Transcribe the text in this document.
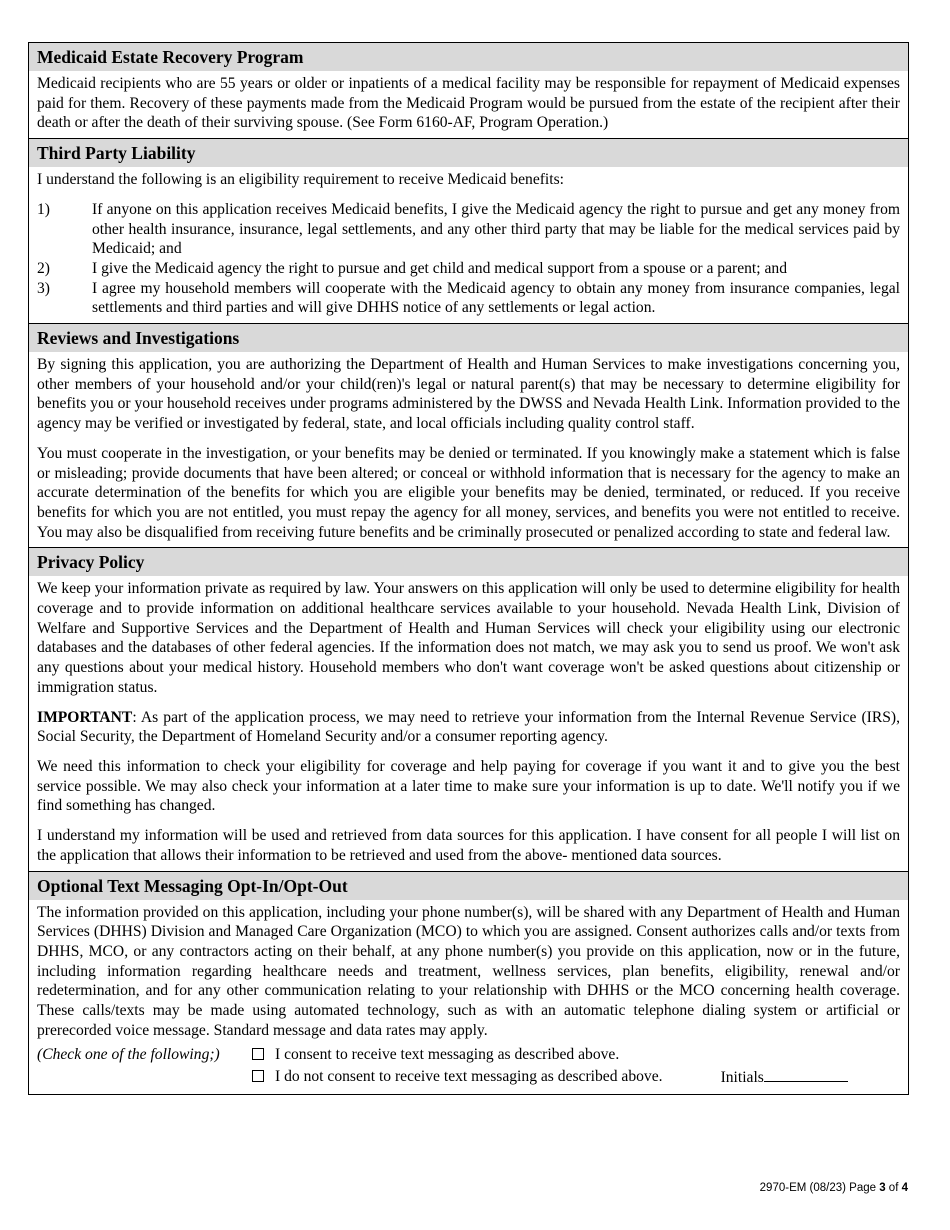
Medicaid Estate Recovery Program

Medicaid recipients who are 55 years or older or inpatients of a medical facility may be responsible for repayment of Medicaid expenses paid for them. Recovery of these payments made from the Medicaid Program would be pursued from the estate of the recipient after their death or after the death of their surviving spouse. (See Form 6160-AF, Program Operation.)

Third Party Liability

I understand the following is an eligibility requirement to receive Medicaid benefits:

1)	If anyone on this application receives Medicaid benefits, I give the Medicaid agency the right to pursue and get any money from other health insurance, insurance, legal settlements, and any other third party that may be liable for the medical services paid by Medicaid; and
2)	I give the Medicaid agency the right to pursue and get child and medical support from a spouse or a parent; and
3)	I agree my household members will cooperate with the Medicaid agency to obtain any money from insurance companies, legal settlements and third parties and will give DHHS notice of any settlements or legal action.
Reviews and Investigations

By signing this application, you are authorizing the Department of Health and Human Services to make investigations concerning you, other members of your household and/or your child(ren)'s legal or natural parent(s) that may be necessary to determine eligibility for benefits you or your household receives under programs administered by the DWSS and Nevada Health Link. Information provided to the agency may be verified or investigated by federal, state, and local officials including quality control staff.

You must cooperate in the investigation, or your benefits may be denied or terminated. If you knowingly make a statement which is false or misleading; provide documents that have been altered; or conceal or withhold information that is necessary for the agency to make an accurate determination of the benefits for which you are eligible your benefits may be denied, terminated, or reduced. If you receive benefits for which you are not entitled, you must repay the agency for all money, services, and benefits you were not entitled to receive. You may also be disqualified from receiving future benefits and be criminally prosecuted or penalized according to state and federal law.

Privacy Policy

We keep your information private as required by law. Your answers on this application will only be used to determine eligibility for health coverage and to provide information on additional healthcare services available to your household. Nevada Health Link, Division of Welfare and Supportive Services and the Department of Health and Human Services will check your eligibility using our electronic databases and the databases of other federal agencies. If the information does not match, we may ask you to send us proof. We won't ask any questions about your medical history. Household members who don't want coverage won't be asked questions about citizenship or immigration status.

IMPORTANT: As part of the application process, we may need to retrieve your information from the Internal Revenue Service (IRS), Social Security, the Department of Homeland Security and/or a consumer reporting agency.

We need this information to check your eligibility for coverage and help paying for coverage if you want it and to give you the best service possible. We may also check your information at a later time to make sure your information is up to date. We'll notify you if we find something has changed.

I understand my information will be used and retrieved from data sources for this application. I have consent for all people I will list on the application that allows their information to be retrieved and used from the above- mentioned data sources.

Optional Text Messaging Opt-In/Opt-Out

The information provided on this application, including your phone number(s), will be shared with any Department of Health and Human Services (DHHS) Division and Managed Care Organization (MCO) to which you are assigned. Consent authorizes calls and/or texts from DHHS, MCO, or any contractors acting on their behalf, at any phone number(s) you provide on this application, now or in the future, including information regarding healthcare needs and treatment, wellness services, plan benefits, eligibility, renewal and/or redetermination, and for any other communication relating to your relationship with DHHS or the MCO concerning health coverage. These calls/texts may be made using automated technology, such as with an automatic telephone dialing system or artificial or prerecorded voice message. Standard message and data rates may apply.

(Check one of the following;)	I consent to receive text messaging as described above.
I do not consent to receive text messaging as described above.	Initials
2970-EM (08/23) Page 3 of 4
